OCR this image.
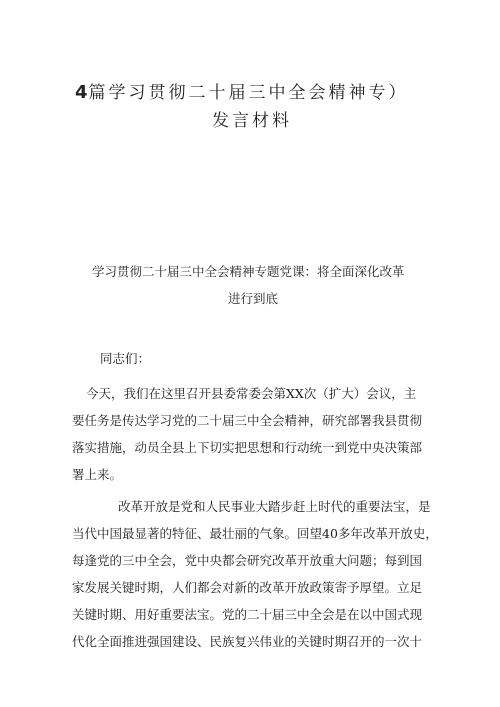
4篇学习贯彻二十届三中全会精神专）
发言材料
学习贯彻二十届三中全会精神专题党课：将全面深化改革
进行到底
同志们：
今天，我们在这里召开县委常委会第XX次（扩大）会议，主
要任务是传达学习党的二十届三中全会精神，研究部署我县贯彻
落实措施，动员全县上下切实把思想和行动统一到党中央决策部
署上来。
改革开放是党和人民事业大踏步赶上时代的重要法宝，是
当代中国最显著的特征、最壮丽的气象。回望40多年改革开放史，
每逢党的三中全会，党中央都会研究改革开放重大问题；每到国
家发展关键时期，人们都会对新的改革开放政策寄予厚望。立足
关键时期、用好重要法宝。党的二十届三中全会是在以中国式现
代化全面推进强国建设、民族复兴伟业的关键时期召开的一次十
